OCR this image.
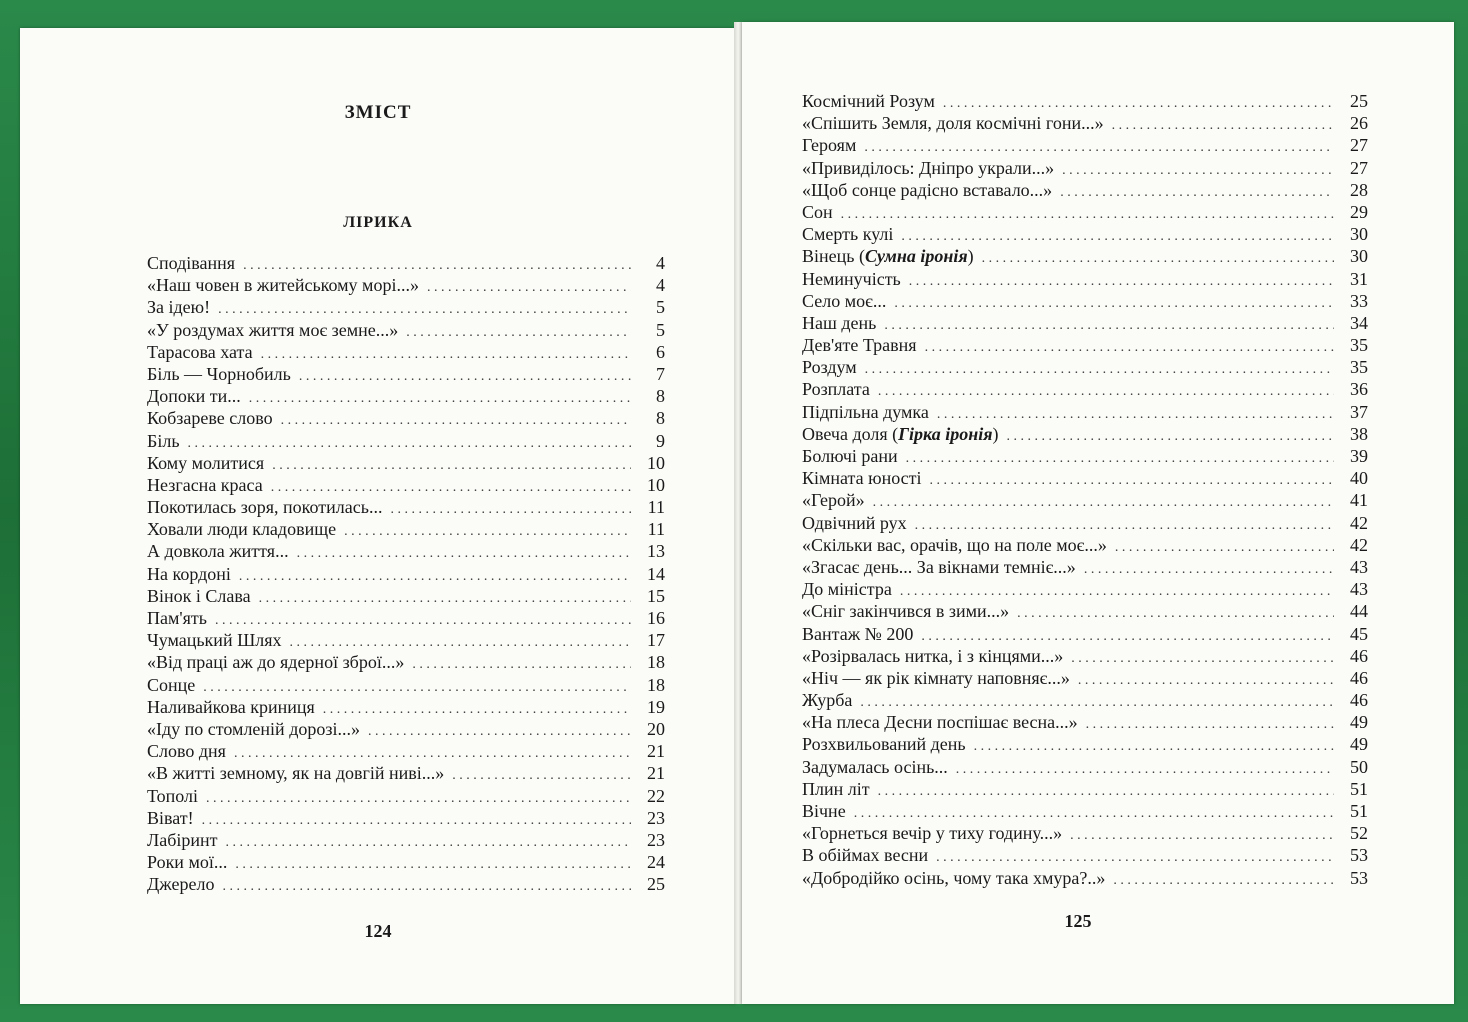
ЗМІСТ
ЛІРИКА
Сподівання . . .	4
«Наш човен в житейському морі...» . . .	4
За ідею! . . .	5
«У роздумах життя моє земне...» . . .	5
Тарасова хата . . .	6
Біль — Чорнобиль . . .	7
Допоки ти... . . .	8
Кобзареве слово . . .	8
Біль . . .	9
Кому молитися . . .	10
Незгасна краса . . .	10
Покотилась зоря, покотилась... . . .	11
Ховали люди кладовище . . .	11
А довкола життя... . . .	13
На кордоні . . .	14
Вінок і Слава . . .	15
Пам'ять . . .	16
Чумацький Шлях . . .	17
«Від праці аж до ядерної зброї...» . . .	18
Сонце . . .	18
Наливайкова криниця . . .	19
«Іду по стомленій дорозі...» . . .	20
Слово дня . . .	21
«В житті земному, як на довгій ниві...» . . .	21
Тополі . . .	22
Віват! . . .	23
Лабіринт . . .	23
Роки мої... . . .	24
Джерело . . .	25
124
Космічний Розум . . .	25
«Спішить Земля, доля космічні гони...» . . .	26
Героям . . .	27
«Привиділось: Дніпро украли...» . . .	27
«Щоб сонце радісно вставало...» . . .	28
Сон . . .	29
Смерть кулі . . .	30
Вінець (Сумна іронія) . . .	30
Неминучість . . .	31
Село моє... . . .	33
Наш день . . .	34
Дев'яте Травня . . .	35
Роздум . . .	35
Розплата . . .	36
Підпільна думка . . .	37
Овеча доля (Гірка іронія) . . .	38
Болючі рани . . .	39
Кімната юності . . .	40
«Герой» . . .	41
Одвічний рух . . .	42
«Скільки вас, орачів, що на поле моє...» . . .	42
«Згасає день... За вікнами темніє...» . . .	43
До міністра . . .	43
«Сніг закінчився в зими...» . . .	44
Вантаж № 200 . . .	45
«Розірвалась нитка, і з кінцями...» . . .	46
«Ніч — як рік кімнату наповняє...» . . .	46
Журба . . .	46
«На плеса Десни поспішає весна...» . . .	49
Розхвильований день . . .	49
Задумалась осінь... . . .	50
Плин літ . . .	51
Вічне . . .	51
«Горнеться вечір у тиху годину...» . . .	52
В обіймах весни . . .	53
«Добродійко осінь, чому така хмура?..» . . .	53
125
